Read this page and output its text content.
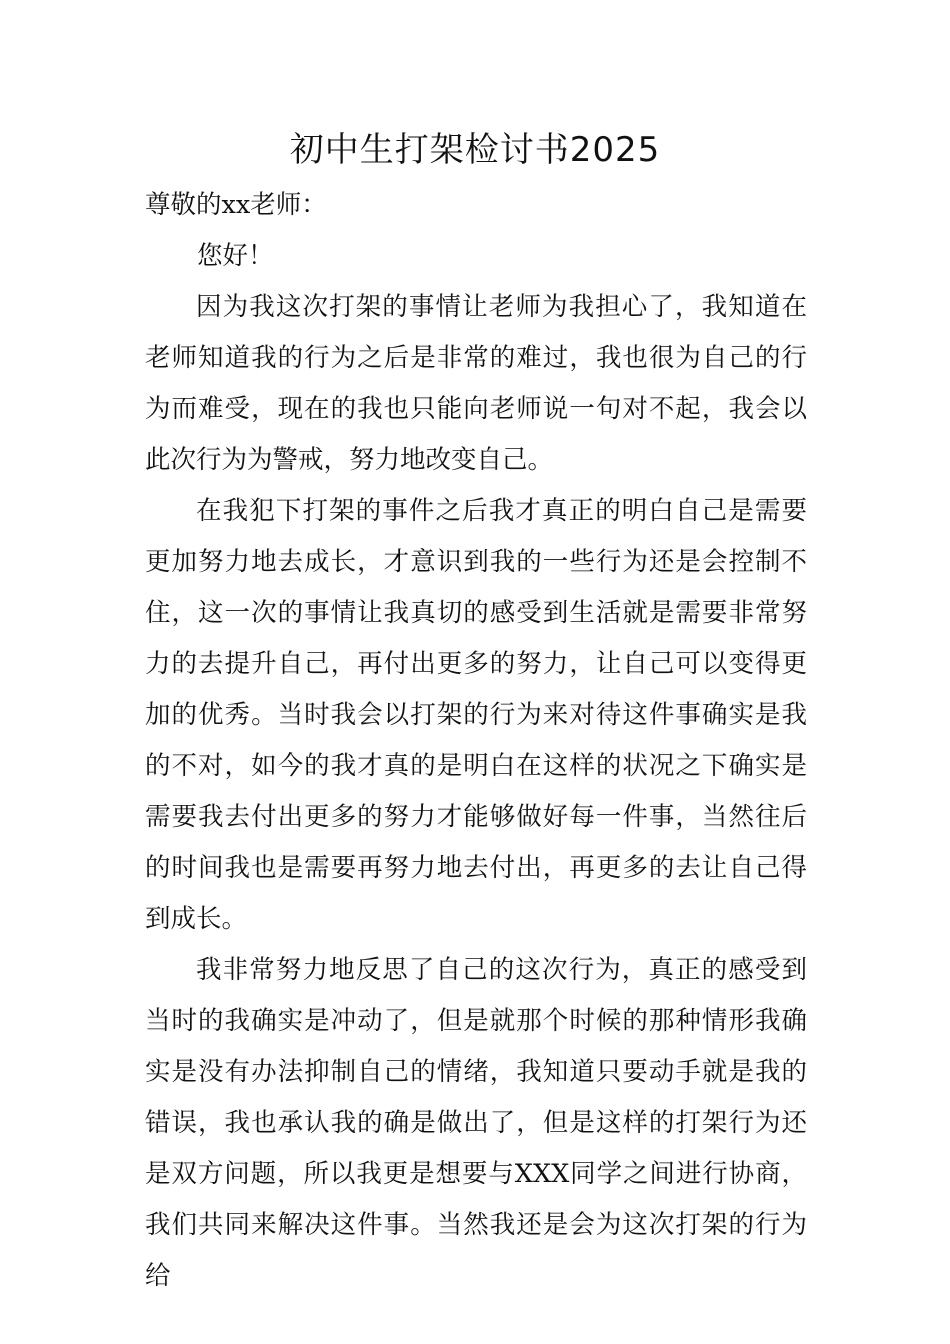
初中生打架检讨书2025

尊敬的xx老师：

您好！

因为我这次打架的事情让老师为我担心了，我知道在老师知道我的行为之后是非常的难过，我也很为自己的行为而难受，现在的我也只能向老师说一句对不起，我会以此次行为为警戒，努力地改变自己。

在我犯下打架的事件之后我才真正的明白自己是需要更加努力地去成长，才意识到我的一些行为还是会控制不住，这一次的事情让我真切的感受到生活就是需要非常努力的去提升自己，再付出更多的努力，让自己可以变得更加的优秀。当时我会以打架的行为来对待这件事确实是我的不对，如今的我才真的是明白在这样的状况之下确实是需要我去付出更多的努力才能够做好每一件事，当然往后的时间我也是需要再努力地去付出，再更多的去让自己得到成长。

我非常努力地反思了自己的这次行为，真正的感受到当时的我确实是冲动了，但是就那个时候的那种情形我确实是没有办法抑制自己的情绪，我知道只要动手就是我的错误，我也承认我的确是做出了，但是这样的打架行为还是双方问题，所以我更是想要与XXX同学之间进行协商，我们共同来解决这件事。当然我还是会为这次打架的行为给
